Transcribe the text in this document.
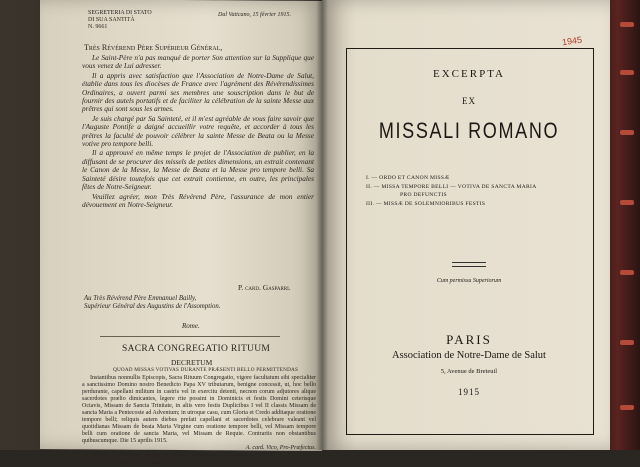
SEGRETERIA DI STATO
DI SUA SANTITÀ
N. 9661
Dal Vaticano, 15 février 1915.
Très Révérend Père Supérieur Général,

Le Saint-Père n'a pas manqué de porter Son attention sur la Supplique que vous venez de Lui adresser.

Il a appris avec satisfaction que l'Association de Notre-Dame de Salut, établie dans tous les diocèses de France avec l'agrément des Révérendissimes Ordinaires, a ouvert parmi ses membres une souscription dans le but de fournir des autels portatifs et de faciliter la célébration de la sainte Messe aux prêtres qui sont sous les armes.

Je suis chargé par Sa Sainteté, et il m'est agréable de vous faire savoir que l'Auguste Pontife a daigné accueillir votre requête, et accorder à tous les prêtres la faculté de pouvoir célébrer la sainte Messe de Beata ou la Messe votive pro tempore belli.

Il a approuvé en même temps le projet de l'Association de publier, en la diffusant de se procurer des missels de petites dimensions, un extrait contenant le Canon de la Messe, la Messe de Beata et la Messe pro tempore belli. Sa Sainteté désire toutefois que cet extrait contienne, en outre, les principales fêtes de Notre-Seigneur.

Veuillez agréer, mon Très Révérend Père, l'assurance de mon entier dévouement en Notre-Seigneur.

P. card. Gasparri.
Au Très Révérend Père Emmanuel Bailly,
Supérieur Général des Augustins de l'Assomption.
Rome.
SACRA CONGREGATIO RITUUM
DECRETUM
QUOAD MISSAS VOTIVAS DURANTE PRÆSENTI BELLO PERMITTENDAS

Instantibus nonnullis Episcopis, Sacra Rituum Congregatio, vigore facultatum sibi specialiter a sanctissimo Domino nostro Benedicto Papa XV tributarum, benigne concessit, ut, hoc bello perdurante, capellani militum in castris vel in exercitu detenti, necnon corum adjutores alique sacerdotes prælio dimicantes, legere rite possint in Dominicis et festis Domini ceterisque Octavis, Missam de Sancta Trinitate, in aliis vero festis Duplicibus I vel II classis Missam de sancta Maria a Pentecoste ad Adventum; in utroque casu, cum Gloria et Credo additaque oratione tempore belli; reliquis autem diebus prefati capellani et sacerdotes celebrare valeant vel quotidianas Missam de beata Maria Virgine cum oratione tempore belli, vel Missam tempore belli cum oratione de sancta Maria, vel Missam de Requie. Contrariis non obstantibus quibuscumque. Die 15 aprilis 1915.

A. card. Vico, Pro-Præfectus.

† Petrus La Fontaine, Patriarcha electus Venetiarum, Secretarius.

(Acta Apost. Sedis, die 1 Junii 1915.)

1945
EXCERPTA
EX
MISSALI ROMANO
I. — ORDO ET CANON MISSÆ
II. — MISSA TEMPORE BELLI — VOTIVA DE SANCTA MARIA
PRO DEFUNCTIS
III. — MISSÆ DE SOLEMNIORIBUS FESTIS
Cum permissu Superiorum
PARIS
Association de Notre-Dame de Salut
5, Avenue de Breteuil
1915
